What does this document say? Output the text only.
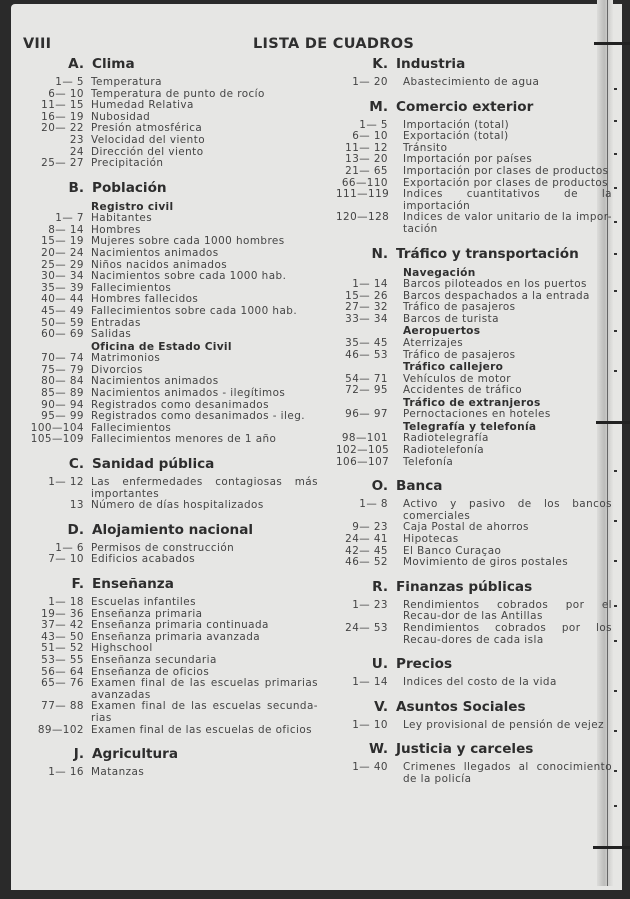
VIII	LISTA DE CUADROS
A. Clima
1— 5 Temperatura
6— 10 Temperatura de punto de rocío
11— 15 Humedad Relativa
16— 19 Nubosidad
20— 22 Presión atmosférica
23 Velocidad del viento
24 Dirección del viento
25— 27 Precipitación
B. Población
Registro civil
1— 7 Habitantes
8— 14 Hombres
15— 19 Mujeres sobre cada 1000 hombres
20— 24 Nacimientos animados
25— 29 Niños nacidos animados
30— 34 Nacimientos sobre cada 1000 hab.
35— 39 Fallecimientos
40— 44 Hombres fallecidos
45— 49 Fallecimientos sobre cada 1000 hab.
50— 59 Entradas
60— 69 Salidas
Oficina de Estado Civil
70— 74 Matrimonios
75— 79 Divorcios
80— 84 Nacimientos animados
85— 89 Nacimientos animados - ilegítimos
90— 94 Registrados como desanimados
95— 99 Registrados como desanimados - ileg.
100—104 Fallecimientos
105—109 Fallecimientos menores de 1 año
C. Sanidad pública
1— 12 Las enfermedades contagiosas más importantes
13 Número de días hospitalizados
D. Alojamiento nacional
1— 6 Permisos de construcción
7— 10 Edificios acabados
F. Enseñanza
1— 18 Escuelas infantiles
19— 36 Enseñanza primaria
37— 42 Enseñanza primaria continuada
43— 50 Enseñanza primaria avanzada
51— 52 Highschool
53— 55 Enseñanza secundaria
56— 64 Enseñanza de oficios
65— 76 Examen final de las escuelas primarias avanzadas
77— 88 Examen final de las escuelas secunda-rias
89—102 Examen final de las escuelas de oficios
J. Agricultura
1— 16 Matanzas
K. Industria
1— 20 Abastecimiento de agua
M. Comercio exterior
1— 5 Importación (total)
6— 10 Exportación (total)
11— 12 Tránsito
13— 20 Importación por países
21— 65 Importación por clases de productos
66—110 Exportación por clases de productos
111—119 Indices cuantitativos de la importación
120—128 Indices de valor unitario de la impor-tación
N. Tráfico y transportación
Navegación
1— 14 Barcos piloteados en los puertos
15— 26 Barcos despachados a la entrada
27— 32 Tráfico de pasajeros
33— 34 Barcos de turista
Aeropuertos
35— 45 Aterrizajes
46— 53 Tráfico de pasajeros
Tráfico callejero
54— 71 Vehículos de motor
72— 95 Accidentes de tráfico
Tráfico de extranjeros
96— 97 Pernoctaciones en hoteles
Telegrafía y telefonía
98—101 Radiotelegrafía
102—105 Radiotelefonía
106—107 Telefonía
O. Banca
1— 8 Activo y pasivo de los bancos comerciales
9— 23 Caja Postal de ahorros
24— 41 Hipotecas
42— 45 El Banco Curaçao
46— 52 Movimiento de giros postales
R. Finanzas públicas
1— 23 Rendimientos cobrados por el Recau-dor de las Antillas
24— 53 Rendimientos cobrados por los Recau-dores de cada isla
U. Precios
1— 14 Indices del costo de la vida
V. Asuntos Sociales
1— 10 Ley provisional de pensión de vejez
W. Justicia y carceles
1— 40 Crimenes llegados al conocimiento de la policía
